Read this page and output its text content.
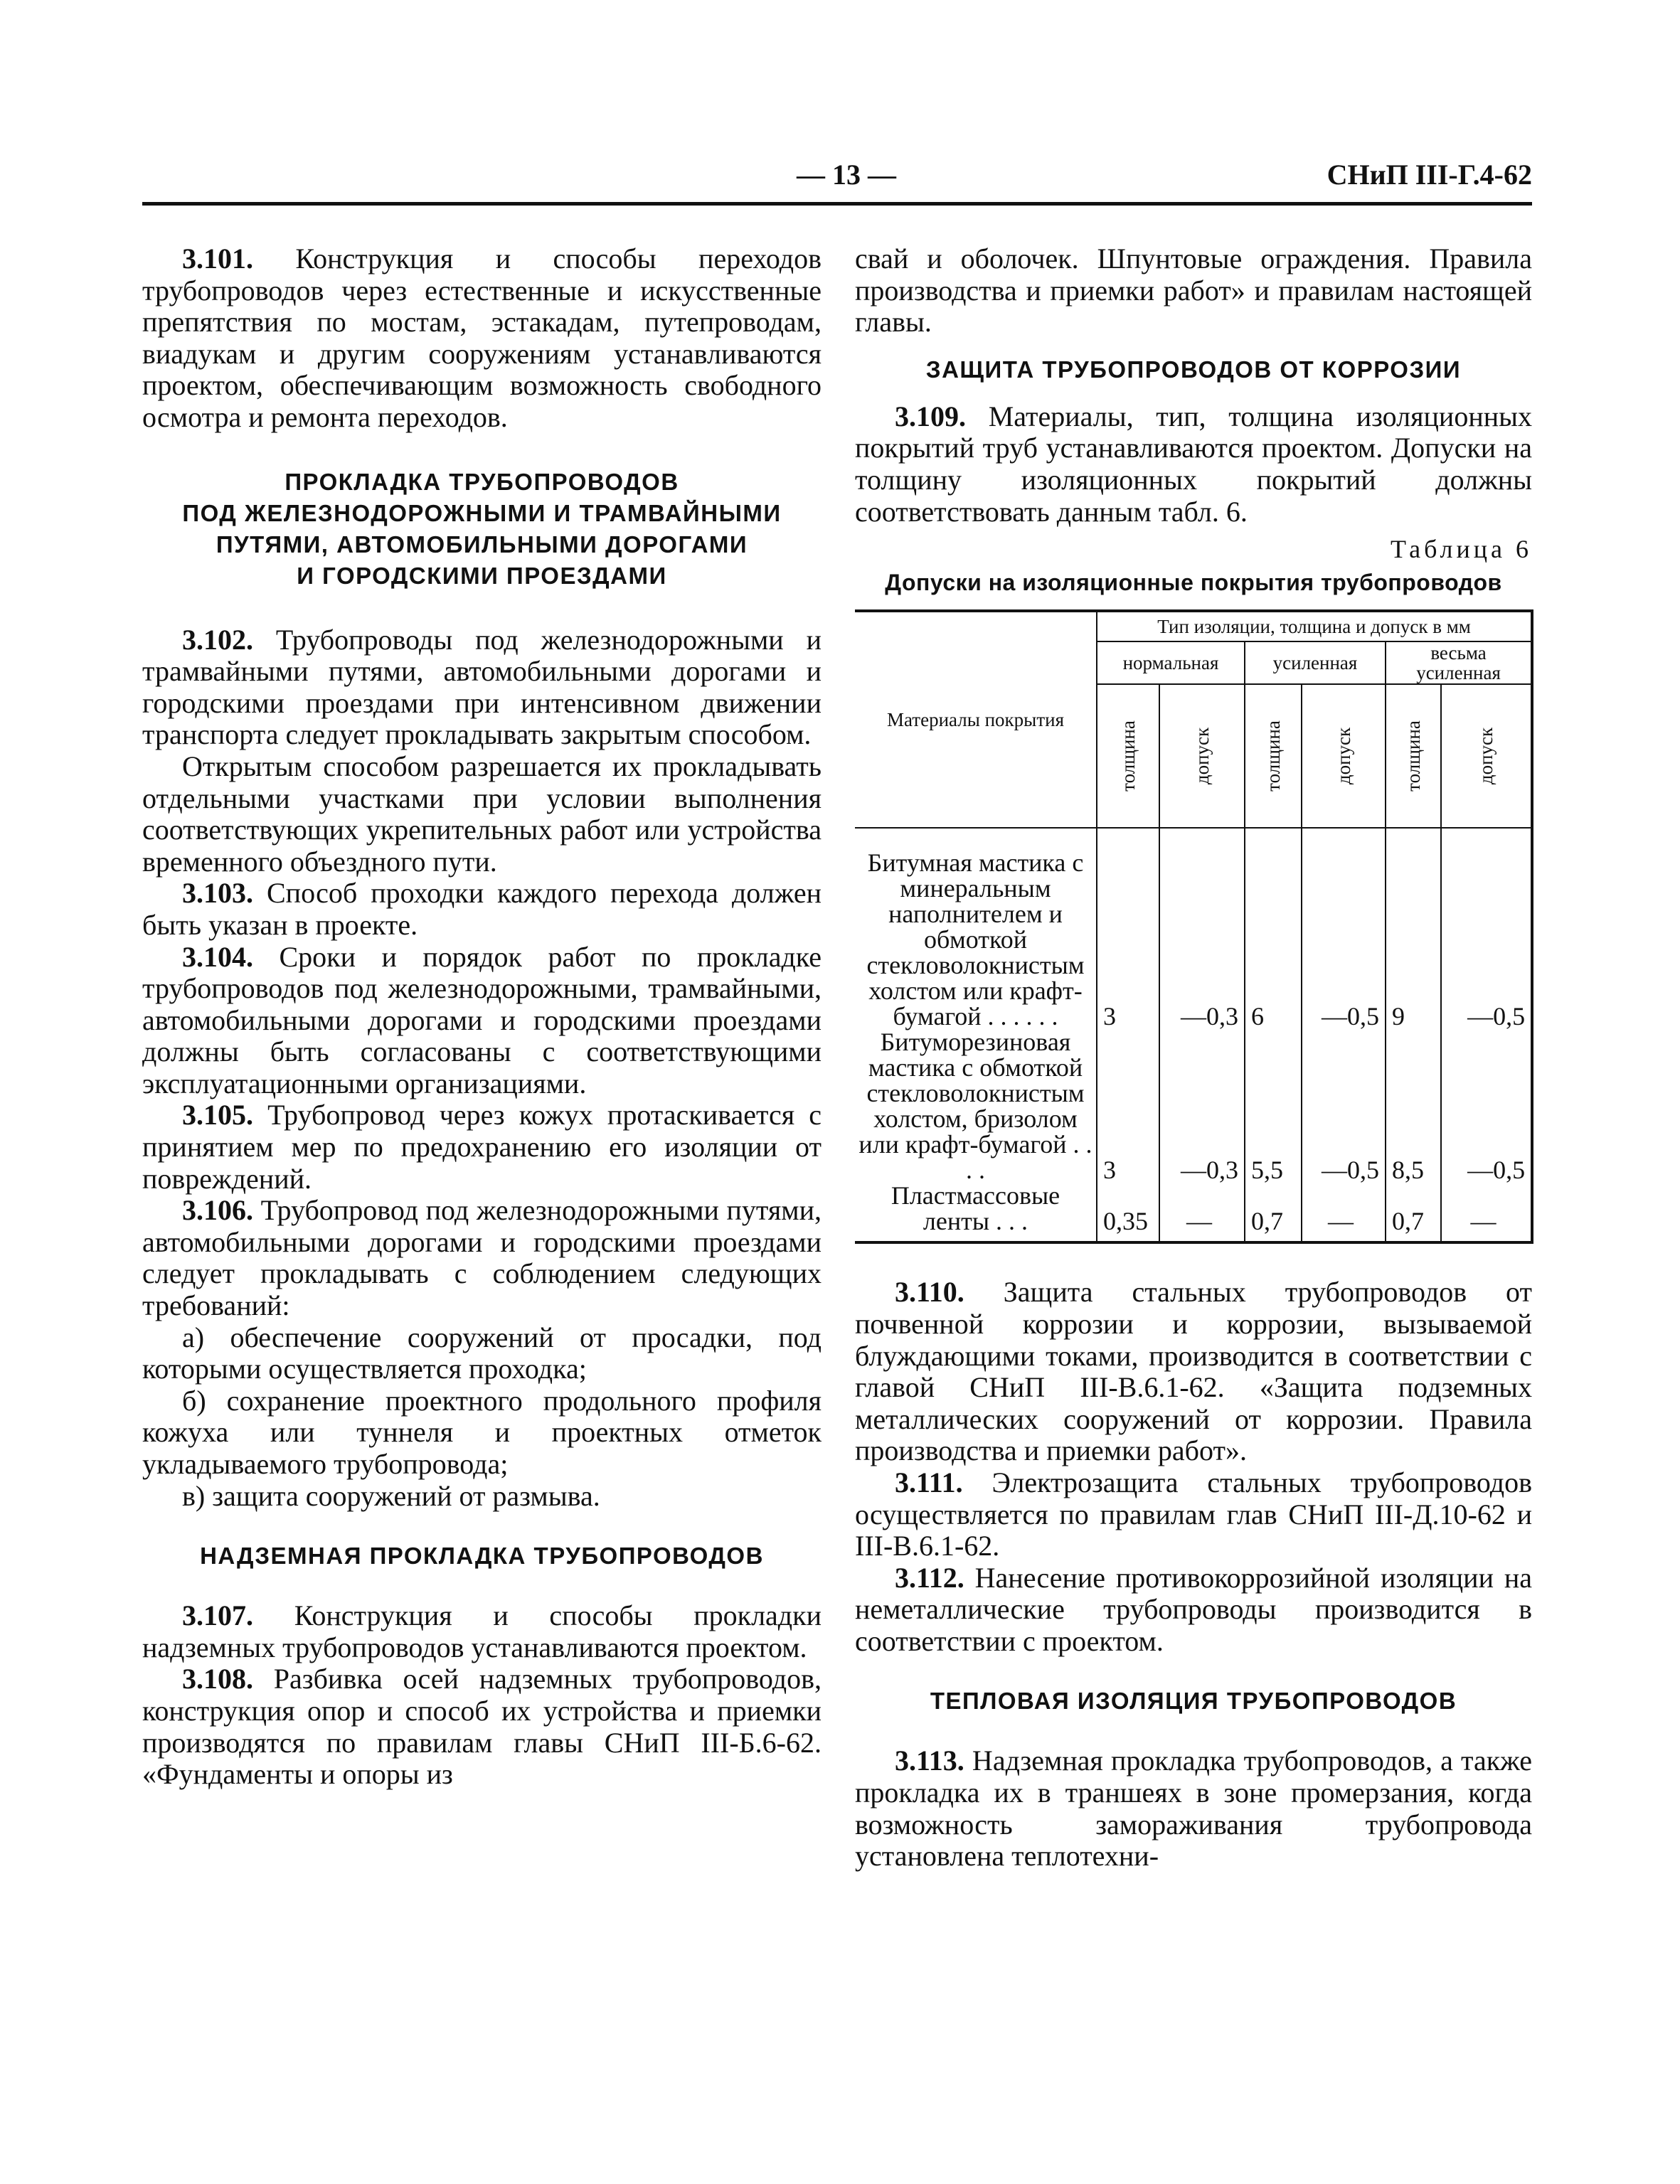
— 13 —	СНиП III-Г.4-62

3.101. Конструкция и способы переходов трубопроводов через естественные и искусственные препятствия по мостам, эстакадам, путепроводам, виадукам и другим сооружениям устанавливаются проектом, обеспечивающим возможность свободного осмотра и ремонта переходов.

ПРОКЛАДКА ТРУБОПРОВОДОВ
ПОД ЖЕЛЕЗНОДОРОЖНЫМИ И ТРАМВАЙНЫМИ
ПУТЯМИ, АВТОМОБИЛЬНЫМИ ДОРОГАМИ
И ГОРОДСКИМИ ПРОЕЗДАМИ

3.102. Трубопроводы под железнодорожными и трамвайными путями, автомобильными дорогами и городскими проездами при интенсивном движении транспорта следует прокладывать закрытым способом.

Открытым способом разрешается их прокладывать отдельными участками при условии выполнения соответствующих укрепительных работ или устройства временного объездного пути.

3.103. Способ проходки каждого перехода должен быть указан в проекте.

3.104. Сроки и порядок работ по прокладке трубопроводов под железнодорожными, трамвайными, автомобильными дорогами и городскими проездами должны быть согласованы с соответствующими эксплуатационными организациями.

3.105. Трубопровод через кожух протаскивается с принятием мер по предохранению его изоляции от повреждений.

3.106. Трубопровод под железнодорожными путями, автомобильными дорогами и городскими проездами следует прокладывать с соблюдением следующих требований:

а) обеспечение сооружений от просадки, под которыми осуществляется проходка;

б) сохранение проектного продольного профиля кожуха или туннеля и проектных отметок укладываемого трубопровода;

в) защита сооружений от размыва.

НАДЗЕМНАЯ ПРОКЛАДКА ТРУБОПРОВОДОВ

3.107. Конструкция и способы прокладки надземных трубопроводов устанавливаются проектом.

3.108. Разбивка осей надземных трубопроводов, конструкция опор и способ их устройства и приемки производятся по правилам главы СНиП III-Б.6-62. «Фундаменты и опоры из

свай и оболочек. Шпунтовые ограждения. Правила производства и приемки работ» и правилам настоящей главы.

ЗАЩИТА ТРУБОПРОВОДОВ ОТ КОРРОЗИИ

3.109. Материалы, тип, толщина изоляционных покрытий труб устанавливаются проектом. Допуски на толщину изоляционных покрытий должны соответствовать данным табл. 6.

Таблица 6
Допуски на изоляционные покрытия трубопроводов
Материалы покрытия	Тип изоляции, толщина и допуск в мм					
	нормальная		усиленная		весьма усиленная	

	толщина	допуск	толщина	допуск	толщина	допуск

Битумная мастика с минеральным наполнителем и обмоткой стекловолокнистым холстом или крафт-бумагой . . . . . .	3	—0,3	6	—0,5	9	—0,5
Битуморезиновая мастика с обмоткой стекловолокнистым холстом, бризолом или крафт-бумагой . . . .	3	—0,3	5,5	—0,5	8,5	—0,5
Пластмассовые ленты . . .	0,35	—	0,7	—	0,7	—

3.110. Защита стальных трубопроводов от почвенной коррозии и коррозии, вызываемой блуждающими токами, производится в соответствии с главой СНиП III-В.6.1-62. «Защита подземных металлических сооружений от коррозии. Правила производства и приемки работ».

3.111. Электрозащита стальных трубопроводов осуществляется по правилам глав СНиП III-Д.10-62 и III-В.6.1-62.

3.112. Нанесение противокоррозийной изоляции на неметаллические трубопроводы производится в соответствии с проектом.

ТЕПЛОВАЯ ИЗОЛЯЦИЯ ТРУБОПРОВОДОВ

3.113. Надземная прокладка трубопроводов, а также прокладка их в траншеях в зоне промерзания, когда возможность замораживания трубопровода установлена теплотехни-
